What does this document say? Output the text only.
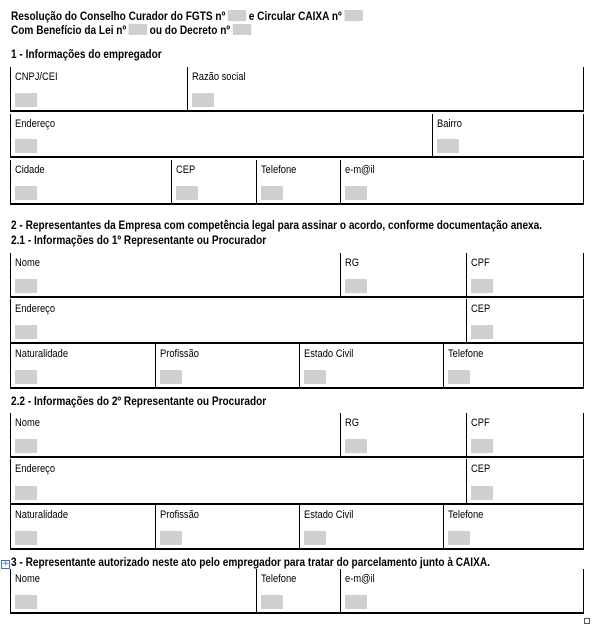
Resolução do Conselho Curador do FGTS nº e Circular CAIXA nº
Com Benefício da Lei nº ou do Decreto nº
1 - Informações do empregador
CNPJ/CEI	Razão social
Endereço	Bairro
Cidade	CEP	Telefone	e-m@il
2 - Representantes da Empresa com competência legal para assinar o acordo, conforme documentação anexa.
2.1 - Informações do 1º Representante ou Procurador
Nome	RG	CPF
Endereço	CEP
Naturalidade	Profissão	Estado Civil	Telefone
2.2 - Informações do 2º Representante ou Procurador
Nome	RG	CPF
Endereço	CEP
Naturalidade	Profissão	Estado Civil	Telefone
+ 3 - Representante autorizado neste ato pelo empregador para tratar do parcelamento junto à CAIXA.
Nome	Telefone	e-m@il
